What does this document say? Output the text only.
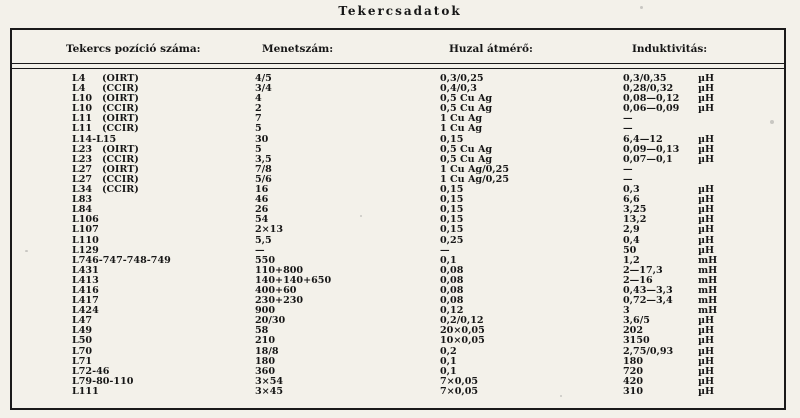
Tekercsadatok
Tekercs pozíció száma:	Menetszám:	Huzal átmérő:	Induktivitás:
L4 (OIRT)	4/5	0,3/0,25	0,3/0,35	µH
L4 (CCIR)	3/4	0,4/0,3	0,28/0,32	µH
L10 (OIRT)	4	0,5 Cu Ag	0,08—0,12 µH
L10 (CCIR)	2	0,5 Cu Ag	0,06—0,09 µH
L11 (OIRT)	7	1 Cu Ag	—
L11 (CCIR)	5	1 Cu Ag	—
L14-L15	30	0,15	6,4—12	µH
L23 (OIRT)	5	0,5 Cu Ag	0,09—0,13 µH
L23 (CCIR)	3,5	0,5 Cu Ag	0,07—0,1	µH
L27 (OIRT)	7/8	1 Cu Ag/0,25	—
L27 (CCIR)	5/6	1 Cu Ag/0,25	—
L34 (CCIR)	16	0,15	0,3	µH
L83	46	0,15	6,6	µH
L84	26	0,15	3,25	µH
L106	54	0,15	13,2	µH
L107	2×13	0,15	2,9	µH
L110	5,5	0,25	0,4	µH
L129	—	—	50	µH
L746-747-748-749	550	0,1	1,2	mH
L431	110+800	0,08	2—17,3	mH
L413	140+140+650	0,08	2—16	mH
L416	400+60	0,08	0,43—3,3	mH
L417	230+230	0,08	0,72—3,4	mH
L424	900	0,12	3	mH
L47	20/30	0,2/0,12	3,6/5	µH
L49	58	20×0,05	202	µH
L50	210	10×0,05	3150	µH
L70	18/8	0,2	2,75/0,93	µH
L71	180	0,1	180	µH
L72-46	360	0,1	720	µH
L79-80-110	3×54	7×0,05	420	µH
L111	3×45	7×0,05	310	µH
